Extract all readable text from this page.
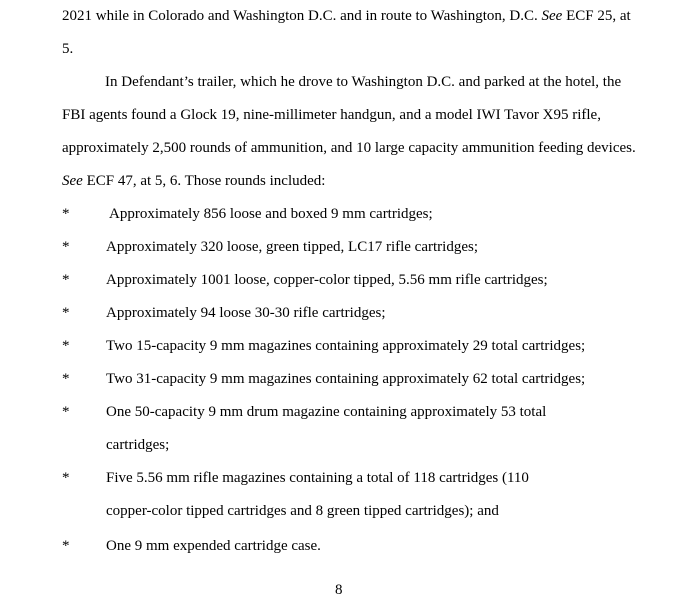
2021 while in Colorado and Washington D.C. and in route to Washington, D.C. See ECF 25, at
5.
In Defendant’s trailer, which he drove to Washington D.C. and parked at the hotel, the
FBI agents found a Glock 19, nine-millimeter handgun, and a model IWI Tavor X95 rifle,
approximately 2,500 rounds of ammunition, and 10 large capacity ammunition feeding devices.
See ECF 47, at 5, 6. Those rounds included:
*	Approximately 856 loose and boxed 9 mm cartridges;
* Approximately 320 loose, green tipped, LC17 rifle cartridges;
* Approximately 1001 loose, copper-color tipped, 5.56 mm rifle cartridges;
* Approximately 94 loose 30-30 rifle cartridges;
* Two 15-capacity 9 mm magazines containing approximately 29 total cartridges;
* Two 31-capacity 9 mm magazines containing approximately 62 total cartridges;
* One 50-capacity 9 mm drum magazine containing approximately 53 total
cartridges;
* Five 5.56 mm rifle magazines containing a total of 118 cartridges (110
copper-color tipped cartridges and 8 green tipped cartridges); and
* One 9 mm expended cartridge case.
8
